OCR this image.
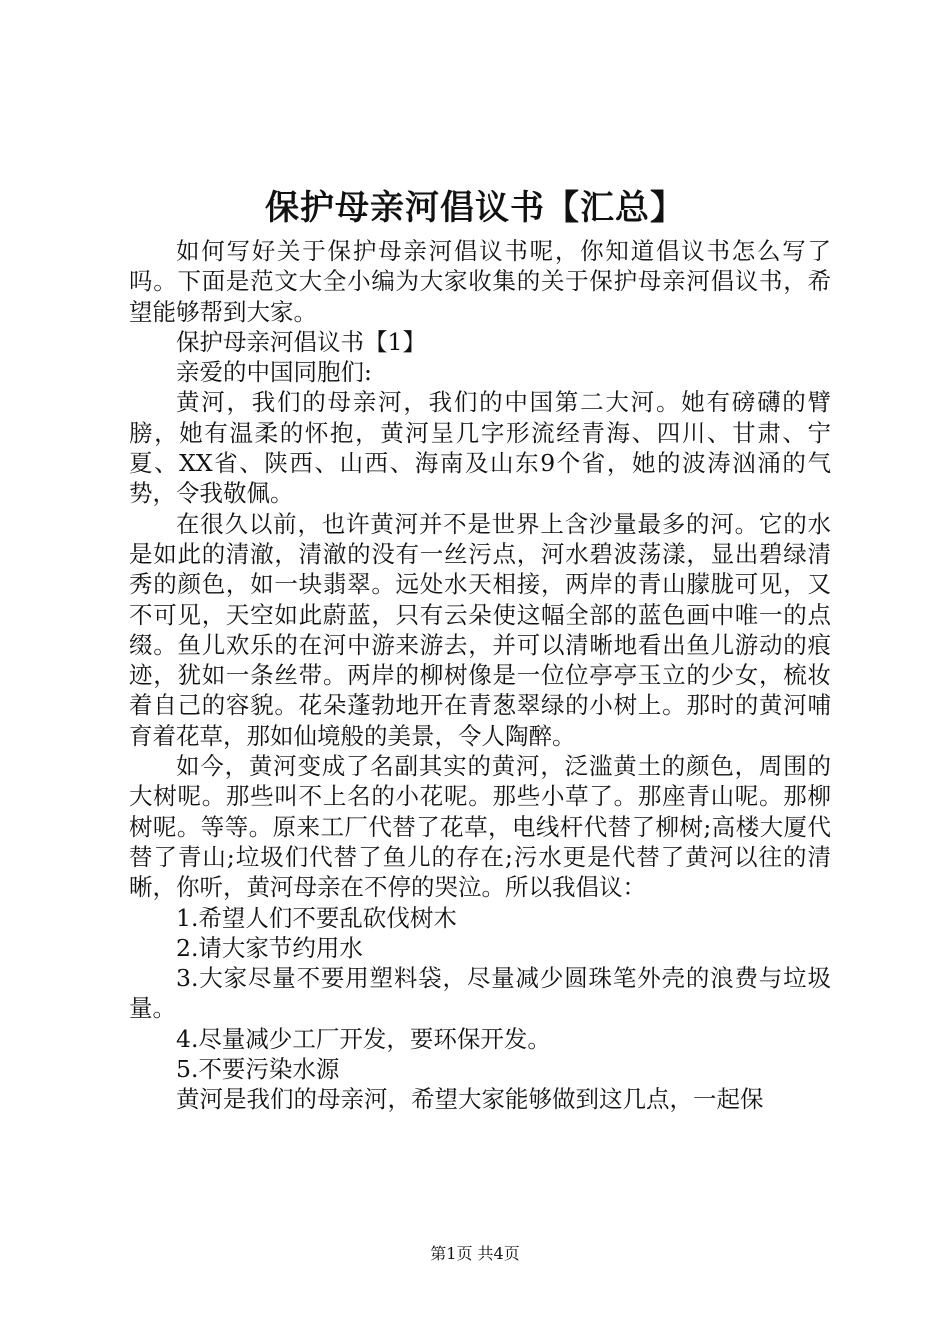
保护母亲河倡议书【汇总】

如何写好关于保护母亲河倡议书呢，你知道倡议书怎么写了吗。下面是范文大全小编为大家收集的关于保护母亲河倡议书，希望能够帮到大家。

保护母亲河倡议书【1】

亲爱的中国同胞们:

黄河，我们的母亲河，我们的中国第二大河。她有磅礴的臂膀，她有温柔的怀抱，黄河呈几字形流经青海、四川、甘肃、宁夏、XX省、陕西、山西、海南及山东9个省，她的波涛汹涌的气势，令我敬佩。

在很久以前，也许黄河并不是世界上含沙量最多的河。它的水是如此的清澈，清澈的没有一丝污点，河水碧波荡漾，显出碧绿清秀的颜色，如一块翡翠。远处水天相接，两岸的青山朦胧可见，又不可见，天空如此蔚蓝，只有云朵使这幅全部的蓝色画中唯一的点缀。鱼儿欢乐的在河中游来游去，并可以清晰地看出鱼儿游动的痕迹，犹如一条丝带。两岸的柳树像是一位位亭亭玉立的少女，梳妆着自己的容貌。花朵蓬勃地开在青葱翠绿的小树上。那时的黄河哺育着花草，那如仙境般的美景，令人陶醉。

如今，黄河变成了名副其实的黄河，泛滥黄土的颜色，周围的大树呢。那些叫不上名的小花呢。那些小草了。那座青山呢。那柳树呢。等等。原来工厂代替了花草，电线杆代替了柳树;高楼大厦代替了青山;垃圾们代替了鱼儿的存在;污水更是代替了黄河以往的清晰，你听，黄河母亲在不停的哭泣。所以我倡议：

1.希望人们不要乱砍伐树木

2.请大家节约用水

3.大家尽量不要用塑料袋，尽量减少圆珠笔外壳的浪费与垃圾量。

4.尽量减少工厂开发，要环保开发。

5.不要污染水源

黄河是我们的母亲河，希望大家能够做到这几点，一起保

第1页 共4页
